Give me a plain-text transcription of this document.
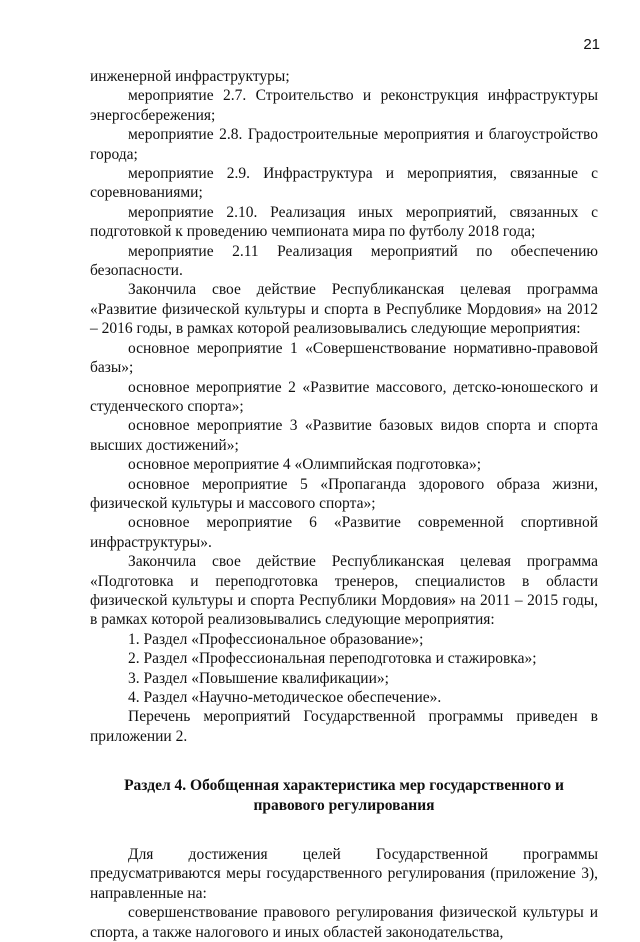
21

инженерной инфраструктуры;

мероприятие 2.7. Строительство и реконструкция инфраструктуры энергосбережения;

мероприятие 2.8. Градостроительные мероприятия и благоустройство города;

мероприятие 2.9. Инфраструктура и мероприятия, связанные с соревнованиями;

мероприятие 2.10. Реализация иных мероприятий, связанных с подготовкой к проведению чемпионата мира по футболу 2018 года;

мероприятие 2.11 Реализация мероприятий по обеспечению безопасности.

Закончила свое действие Республиканская целевая программа «Развитие физической культуры и спорта в Республике Мордовия» на 2012 – 2016 годы, в рамках которой реализовывались следующие мероприятия:

основное мероприятие 1 «Совершенствование нормативно-правовой базы»;

основное мероприятие 2 «Развитие массового, детско-юношеского и студенческого спорта»;

основное мероприятие 3 «Развитие базовых видов спорта и спорта высших достижений»;

основное мероприятие 4 «Олимпийская подготовка»;

основное мероприятие 5 «Пропаганда здорового образа жизни, физической культуры и массового спорта»;

основное мероприятие 6 «Развитие современной спортивной инфраструктуры».

Закончила свое действие Республиканская целевая программа «Подготовка и переподготовка тренеров, специалистов в области физической культуры и спорта Республики Мордовия» на 2011 – 2015 годы, в рамках которой реализовывались следующие мероприятия:

1. Раздел «Профессиональное образование»;

2. Раздел «Профессиональная переподготовка и стажировка»;

3. Раздел «Повышение квалификации»;

4. Раздел «Научно-методическое обеспечение».

Перечень мероприятий Государственной программы приведен в приложении 2.

Раздел 4. Обобщенная характеристика мер государственного и правового регулирования

Для достижения целей Государственной программы предусматриваются меры государственного регулирования (приложение 3), направленные на:

совершенствование правового регулирования физической культуры и спорта, а также налогового и иных областей законодательства,
